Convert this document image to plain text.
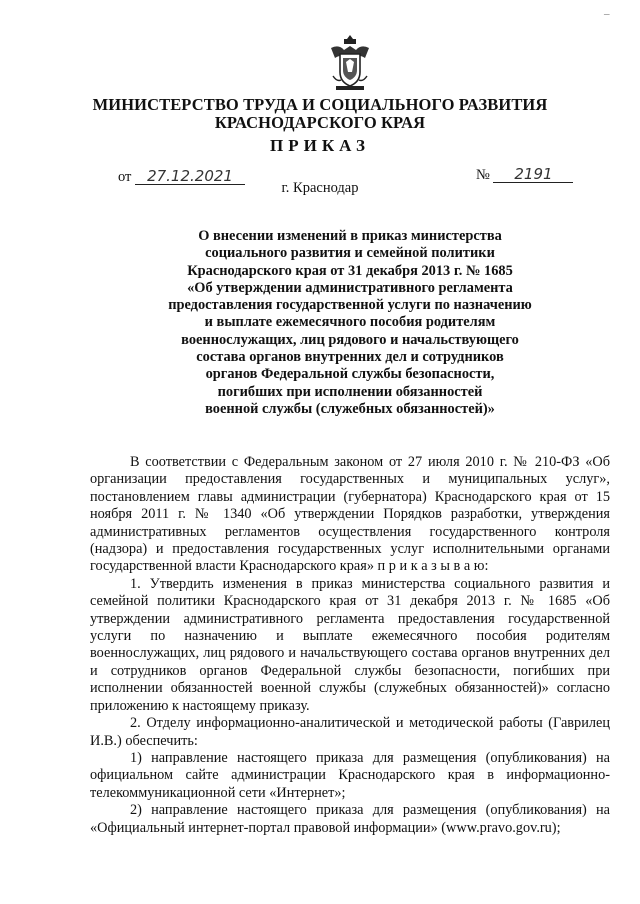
_
МИНИСТЕРСТВО ТРУДА И СОЦИАЛЬНОГО РАЗВИТИЯ
КРАСНОДАРСКОГО КРАЯ
ПРИКАЗ
от 27.12.2021	№ 2191
г. Краснодар
О внесении изменений в приказ министерства
социального развития и семейной политики
Краснодарского края от 31 декабря 2013 г. № 1685
«Об утверждении административного регламента
предоставления государственной услуги по назначению
и выплате ежемесячного пособия родителям
военнослужащих, лиц рядового и начальствующего
состава органов внутренних дел и сотрудников
органов Федеральной службы безопасности,
погибших при исполнении обязанностей
военной службы (служебных обязанностей)»

В соответствии с Федеральным законом от 27 июля 2010 г. № 210-ФЗ «Об организации предоставления государственных и муниципальных услуг», постановлением главы администрации (губернатора) Краснодарского края от 15 ноября 2011 г. № 1340 «Об утверждении Порядков разработки, утверждения административных регламентов осуществления государственного контроля (надзора) и предоставления государственных услуг исполнительными органами государственной власти Краснодарского края» п р и к а з ы в а ю:

1. Утвердить изменения в приказ министерства социального развития и семейной политики Краснодарского края от 31 декабря 2013 г. № 1685 «Об утверждении административного регламента предоставления государственной услуги по назначению и выплате ежемесячного пособия родителям военнослужащих, лиц рядового и начальствующего состава органов внутренних дел и сотрудников органов Федеральной службы безопасности, погибших при исполнении обязанностей военной службы (служебных обязанностей)» согласно приложению к настоящему приказу.

2. Отделу информационно-аналитической и методической работы (Гаврилец И.В.) обеспечить:

1) направление настоящего приказа для размещения (опубликования) на официальном сайте администрации Краснодарского края в информационно-телекоммуникационной сети «Интернет»;

2) направление настоящего приказа для размещения (опубликования) на «Официальный интернет-портал правовой информации» (www.pravo.gov.ru);
